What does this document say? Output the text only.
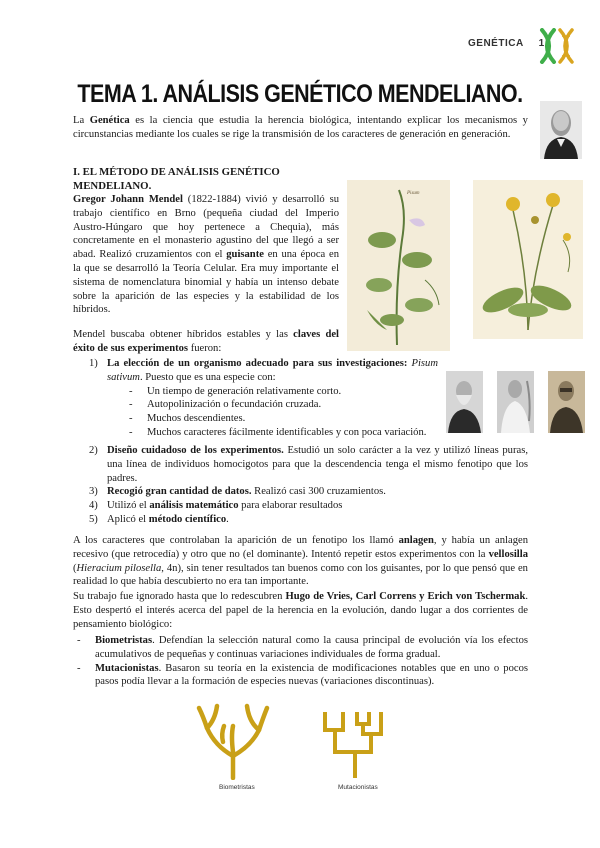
GENÉTICA 1
TEMA 1. ANÁLISIS GENÉTICO MENDELIANO.

La Genética es la ciencia que estudia la herencia biológica, intentando explicar los mecanismos y circunstancias mediante los cuales se rige la transmisión de los caracteres de generación en generación.

I. EL MÉTODO DE ANÁLISIS GENÉTICO MENDELIANO.

Gregor Johann Mendel (1822-1884) vivió y desarrolló su trabajo científico en Brno (pequeña ciudad del Imperio Austro-Húngaro que hoy pertenece a Chequia), más concretamente en el monasterio agustino del que llegó a ser abad. Realizó cruzamientos con el guisante en una época en la que se desarrolló la Teoría Celular. Era muy importante el sistema de nomenclatura binomial y había un intenso debate sobre la aparición de las especies y la estabilidad de los híbridos.

Pisum

Mendel buscaba obtener híbridos estables y las claves del éxito de sus experimentos fueron:

1) La elección de un organismo adecuado para sus investigaciones: Pisum sativum. Puesto que es una especie con:
- Un tiempo de generación relativamente corto.
- Autopolinización o fecundación cruzada.
- Muchos descendientes.
- Muchos caracteres fácilmente identificables y con poca variación.
2) Diseño cuidadoso de los experimentos. Estudió un solo carácter a la vez y utilizó líneas puras, una línea de individuos homocigotos para que la descendencia tenga el mismo fenotipo que los padres.
3) Recogió gran cantidad de datos. Realizó casi 300 cruzamientos.
4) Utilizó el análisis matemático para elaborar resultados
5) Aplicó el método científico.

A los caracteres que controlaban la aparición de un fenotipo los llamó anlagen, y había un anlagen recesivo (que retrocedía) y otro que no (el dominante). Intentó repetir estos experimentos con la vellosilla (Hieracium pilosella, 4n), sin tener resultados tan buenos como con los guisantes, por lo que pensó que en realidad lo que había descubierto no era tan importante.

Su trabajo fue ignorado hasta que lo redescubren Hugo de Vries, Carl Correns y Erich von Tschermak. Esto despertó el interés acerca del papel de la herencia en la evolución, dando lugar a dos corrientes de pensamiento biológico:

- Biometristas. Defendían la selección natural como la causa principal de evolución vía los efectos acumulativos de pequeñas y continuas variaciones individuales de forma gradual.
- Mutacionistas. Basaron su teoría en la existencia de modificaciones notables que en uno o pocos pasos podía llevar a la formación de especies nuevas (variaciones discontinuas).
Biometristas	Mutacionistas
